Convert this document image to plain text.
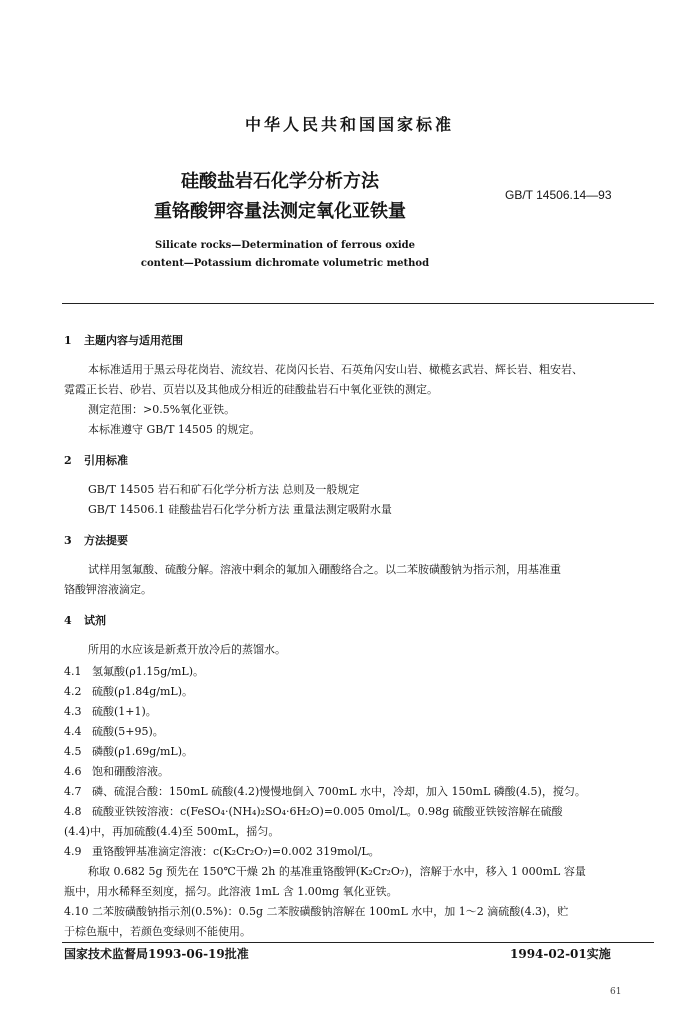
中华人民共和国国家标准
硅酸盐岩石化学分析方法
重铬酸钾容量法测定氧化亚铁量
GB/T 14506.14—93
Silicate rocks—Determination of ferrous oxide
content—Potassium dichromate volumetric method
1 主题内容与适用范围
本标准适用于黑云母花岗岩、流纹岩、花岗闪长岩、石英角闪安山岩、橄榄玄武岩、辉长岩、粗安岩、
霓霞正长岩、砂岩、页岩以及其他成分相近的硅酸盐岩石中氧化亚铁的测定。
测定范围：>0.5%氧化亚铁。
本标准遵守 GB/T 14505 的规定。
2 引用标准
GB/T 14505 岩石和矿石化学分析方法 总则及一般规定
GB/T 14506.1 硅酸盐岩石化学分析方法 重量法测定吸附水量
3 方法提要
试样用氢氟酸、硫酸分解。溶液中剩余的氟加入硼酸络合之。以二苯胺磺酸钠为指示剂，用基准重
铬酸钾溶液滴定。
4 试剂
所用的水应该是新煮开放冷后的蒸馏水。
4.1 氢氟酸(ρ1.15g/mL)。
4.2 硫酸(ρ1.84g/mL)。
4.3 硫酸(1+1)。
4.4 硫酸(5+95)。
4.5 磷酸(ρ1.69g/mL)。
4.6 饱和硼酸溶液。
4.7 磷、硫混合酸：150mL 硫酸(4.2)慢慢地倒入 700mL 水中，冷却，加入 150mL 磷酸(4.5)，搅匀。
4.8 硫酸亚铁铵溶液：c(FeSO₄·(NH₄)₂SO₄·6H₂O)=0.005 0mol/L。0.98g 硫酸亚铁铵溶解在硫酸
(4.4)中，再加硫酸(4.4)至 500mL，摇匀。
4.9 重铬酸钾基准滴定溶液：c(K₂Cr₂O₇)=0.002 319mol/L。
称取 0.682 5g 预先在 150℃干燥 2h 的基准重铬酸钾(K₂Cr₂O₇)，溶解于水中，移入 1 000mL 容量
瓶中，用水稀释至刻度，摇匀。此溶液 1mL 含 1.00mg 氧化亚铁。
4.10 二苯胺磺酸钠指示剂(0.5%)：0.5g 二苯胺磺酸钠溶解在 100mL 水中，加 1～2 滴硫酸(4.3)，贮
于棕色瓶中，若颜色变绿则不能使用。
国家技术监督局1993-06-19批准	1994-02-01实施
61
